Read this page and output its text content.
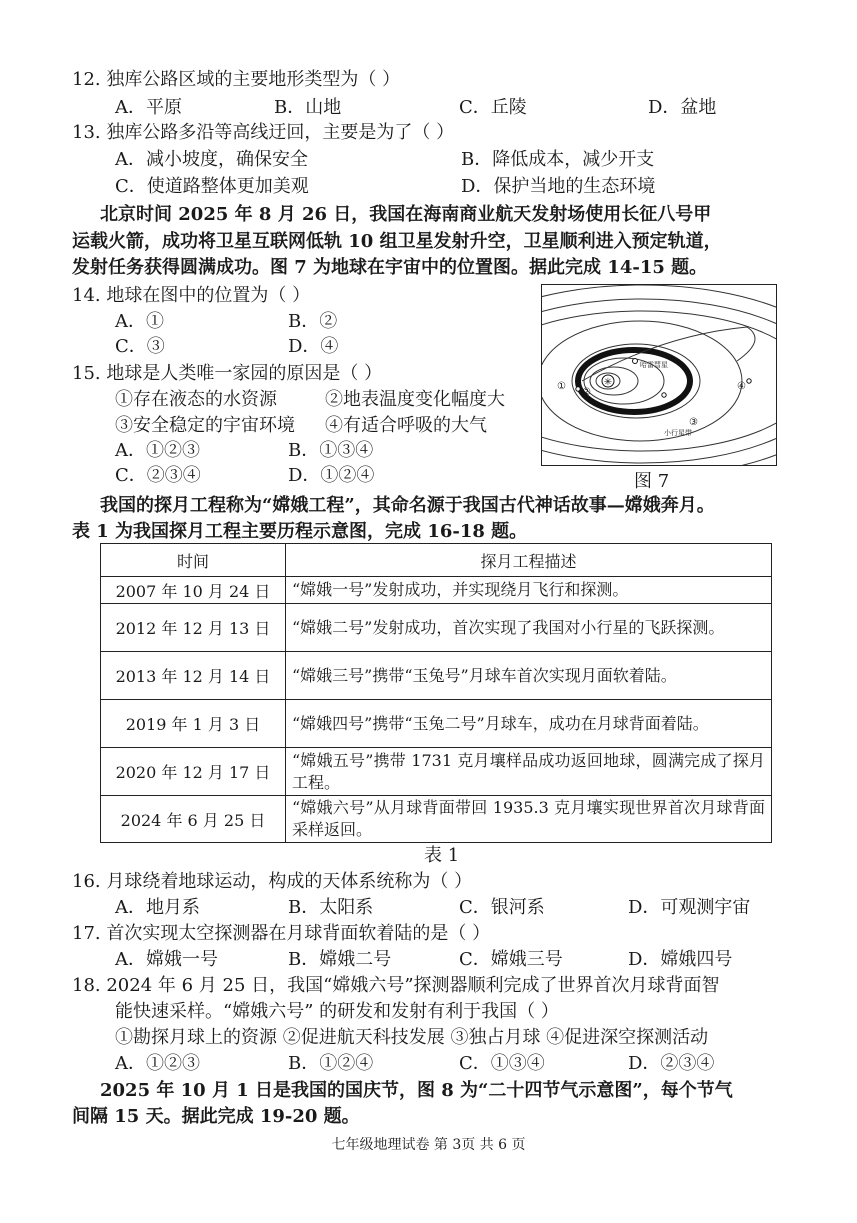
12. 独库公路区域的主要地形类型为（ ）
A．平原	B．山地	C．丘陵	D．盆地
13. 独库公路多沿等高线迂回，主要是为了（ ）
A．减小坡度，确保安全	B．降低成本，减少开支
C．使道路整体更加美观	D．保护当地的生态环境
北京时间 2025 年 8 月 26 日，我国在海南商业航天发射场使用长征八号甲
运载火箭，成功将卫星互联网低轨 10 组卫星发射升空，卫星顺利进入预定轨道，
发射任务获得圆满成功。图 7 为地球在宇宙中的位置图。据此完成 14-15 题。
14. 地球在图中的位置为（ ）
A．①	B．②
C．③	D．④
15. 地球是人类唯一家园的原因是（ ）
①存在液态的水资源	②地表温度变化幅度大
③安全稳定的宇宙环境 ④有适合呼吸的大气
A．①②③	B．①③④
C．②③④	D．①②④
✳
哈雷彗星
小行星带
①
②
③
④
图 7
我国的探月工程称为“嫦娥工程”，其命名源于我国古代神话故事—嫦娥奔月。
表 1 为我国探月工程主要历程示意图，完成 16-18 题。
时间	探月工程描述
2007 年 10 月 24 日	“嫦娥一号”发射成功，并实现绕月飞行和探测。
2012 年 12 月 13 日	“嫦娥二号”发射成功，首次实现了我国对小行星的飞跃探测。
2013 年 12 月 14 日	“嫦娥三号”携带“玉兔号”月球车首次实现月面软着陆。
2019 年 1 月 3 日	“嫦娥四号”携带“玉兔二号”月球车，成功在月球背面着陆。
2020 年 12 月 17 日	“嫦娥五号”携带 1731 克月壤样品成功返回地球，圆满完成了探月工程。
2024 年 6 月 25 日	“嫦娥六号”从月球背面带回 1935.3 克月壤实现世界首次月球背面采样返回。
表 1
16. 月球绕着地球运动，构成的天体系统称为（ ）
A．地月系	B．太阳系	C．银河系	D．可观测宇宙
17. 首次实现太空探测器在月球背面软着陆的是（ ）
A．嫦娥一号	B．嫦娥二号	C．嫦娥三号	D．嫦娥四号
18. 2024 年 6 月 25 日，我国“嫦娥六号”探测器顺利完成了世界首次月球背面智
能快速采样。“嫦娥六号” 的研发和发射有利于我国（ ）
①勘探月球上的资源 ②促进航天科技发展 ③独占月球 ④促进深空探测活动
A．①②③	B．①②④	C．①③④	D．②③④
2025 年 10 月 1 日是我国的国庆节，图 8 为“二十四节气示意图”，每个节气
间隔 15 天。据此完成 19-20 题。
七年级地理试卷 第 3页 共 6 页
